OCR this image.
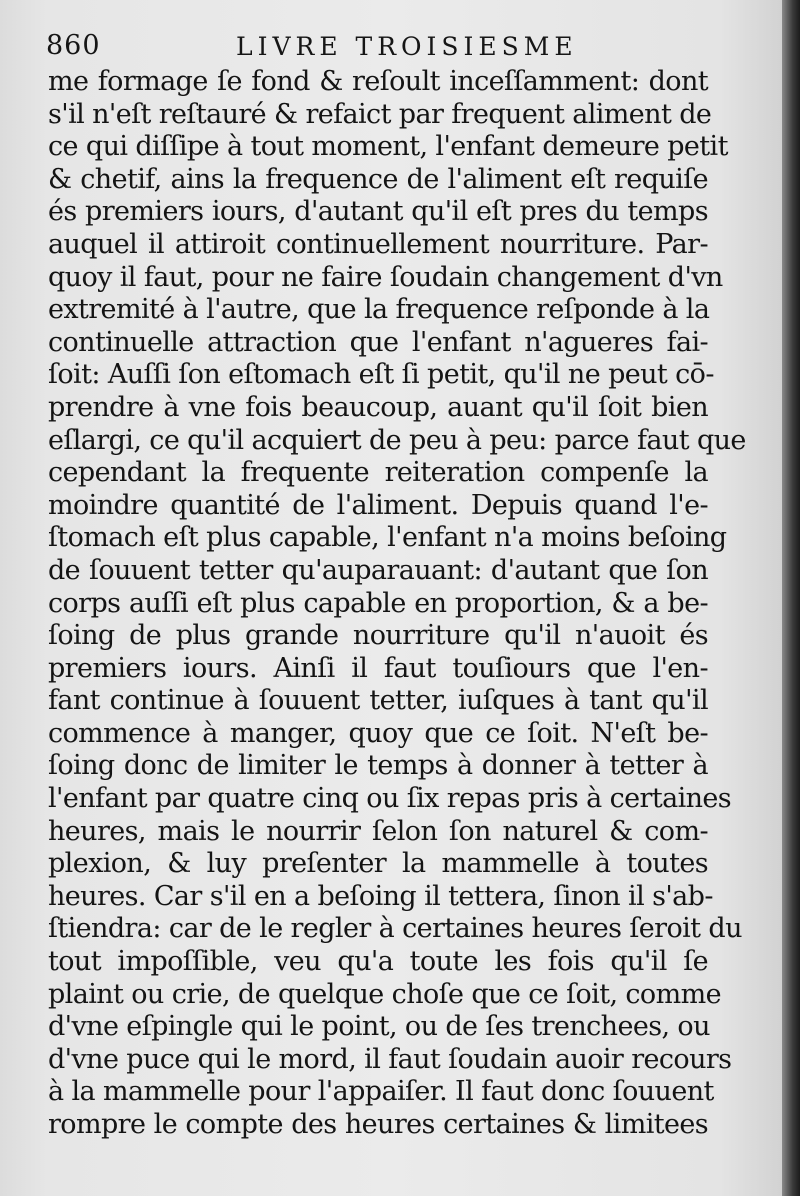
860	LIVRE TROISIESME
me formage ſe fond & reſoult inceſſamment: dont
s'il n'eſt reſtauré & refaict par frequent aliment de
ce qui diſſipe à tout moment, l'enfant demeure petit
& chetif, ains la frequence de l'aliment eſt requiſe
és premiers iours, d'autant qu'il eſt pres du temps
auquel il attiroit continuellement nourriture. Par-
quoy il faut, pour ne faire ſoudain changement d'vn
extremité à l'autre, que la frequence reſponde à la
continuelle attraction que l'enfant n'agueres fai-
ſoit: Auſſi ſon eſtomach eſt ſi petit, qu'il ne peut cō-
prendre à vne fois beaucoup, auant qu'il ſoit bien
eſlargi, ce qu'il acquiert de peu à peu: parce faut que
cependant la frequente reiteration compenſe la
moindre quantité de l'aliment. Depuis quand l'e-
ſtomach eſt plus capable, l'enfant n'a moins beſoing
de ſouuent tetter qu'auparauant: d'autant que ſon
corps auſſi eſt plus capable en proportion, & a be-
ſoing de plus grande nourriture qu'il n'auoit és
premiers iours. Ainſi il faut touſiours que l'en-
fant continue à ſouuent tetter, iuſques à tant qu'il
commence à manger, quoy que ce ſoit. N'eſt be-
ſoing donc de limiter le temps à donner à tetter à
l'enfant par quatre cinq ou ſix repas pris à certaines
heures, mais le nourrir ſelon ſon naturel & com-
plexion, & luy preſenter la mammelle à toutes
heures. Car s'il en a beſoing il tettera, ſinon il s'ab-
ſtiendra: car de le regler à certaines heures ſeroit du
tout impoſſible, veu qu'a toute les fois qu'il ſe
plaint ou crie, de quelque choſe que ce ſoit, comme
d'vne eſpingle qui le point, ou de ſes trenchees, ou
d'vne puce qui le mord, il faut ſoudain auoir recours
à la mammelle pour l'appaiſer. Il faut donc ſouuent
rompre le compte des heures certaines & limitees
